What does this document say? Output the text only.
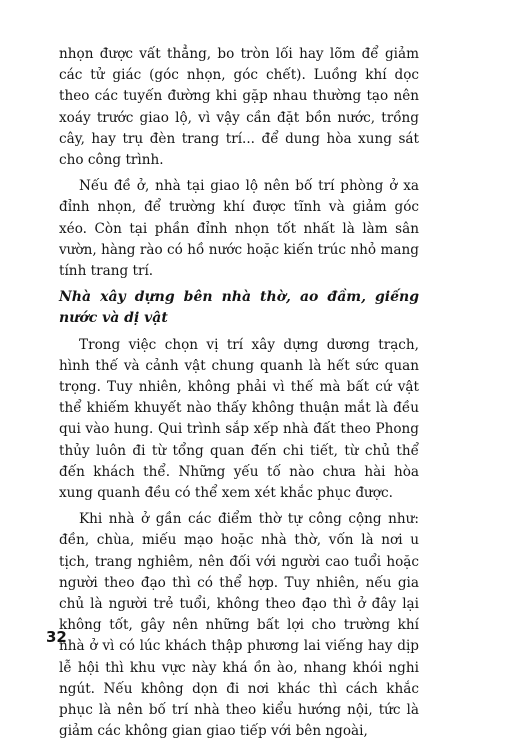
nhọn được vất thẳng, bo tròn lối hay lõm để giảm các tử giác (góc nhọn, góc chết). Luồng khí dọc theo các tuyến đường khi gặp nhau thường tạo nên xoáy trước giao lộ, vì vậy cần đặt bồn nước, trồng cây, hay trụ đèn trang trí... để dung hòa xung sát cho công trình.

Nếu đề ở, nhà tại giao lộ nên bố trí phòng ở xa đỉnh nhọn, để trường khí được tĩnh và giảm góc xéo. Còn tại phần đỉnh nhọn tốt nhất là làm sân vườn, hàng rào có hồ nước hoặc kiến trúc nhỏ mang tính trang trí.

Nhà xây dựng bên nhà thờ, ao đầm, giếng nước và dị vật

Trong việc chọn vị trí xây dựng dương trạch, hình thế và cảnh vật chung quanh là hết sức quan trọng. Tuy nhiên, không phải vì thế mà bất cứ vật thể khiếm khuyết nào thấy không thuận mắt là đều qui vào hung. Qui trình sắp xếp nhà đất theo Phong thủy luôn đi từ tổng quan đến chi tiết, từ chủ thể đến khách thể. Những yếu tố nào chưa hài hòa xung quanh đều có thể xem xét khắc phục được.

Khi nhà ở gần các điểm thờ tự công cộng như: đền, chùa, miếu mạo hoặc nhà thờ, vốn là nơi u tịch, trang nghiêm, nên đối với người cao tuổi hoặc người theo đạo thì có thể hợp. Tuy nhiên, nếu gia chủ là người trẻ tuổi, không theo đạo thì ở đây lại không tốt, gây nên những bất lợi cho trường khí nhà ở vì có lúc khách thập phương lai viếng hay dịp lễ hội thì khu vực này khá ồn ào, nhang khói nghi ngút. Nếu không dọn đi nơi khác thì cách khắc phục là nên bố trí nhà theo kiểu hướng nội, tức là giảm các không gian giao tiếp với bên ngoài,

32
